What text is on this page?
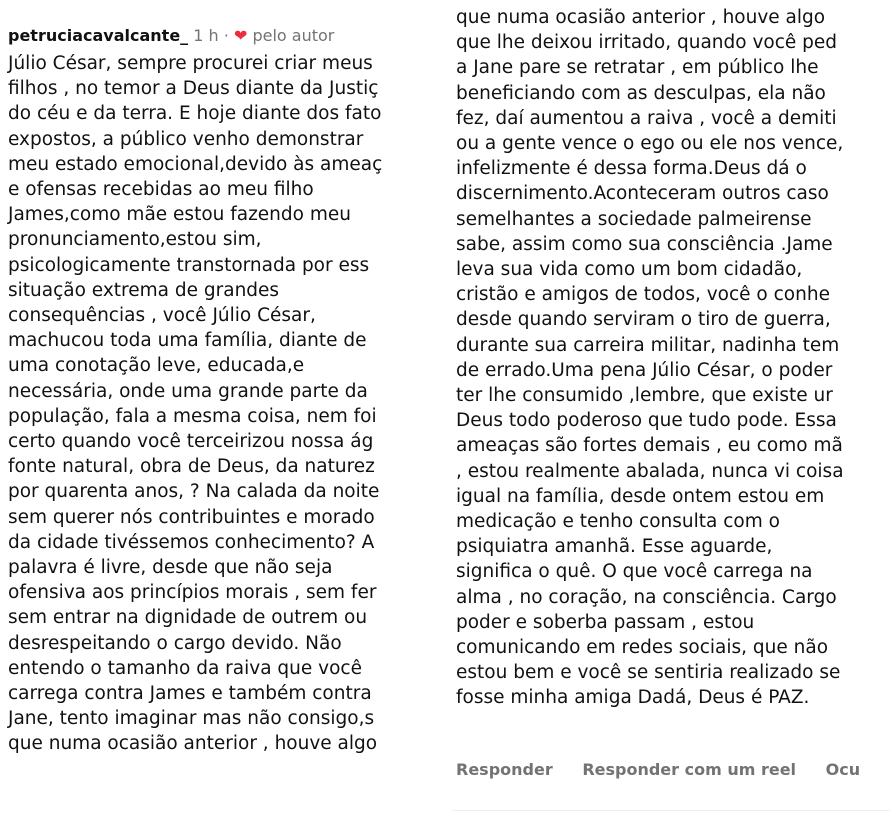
petruciacavalcante_ 1 h · ❤ pelo autor
Júlio César, sempre procurei criar meus
filhos , no temor a Deus diante da Justiç
do céu e da terra. E hoje diante dos fato
expostos, a público venho demonstrar
meu estado emocional,devido às ameaç
e ofensas recebidas ao meu filho
James,como mãe estou fazendo meu
pronunciamento,estou sim,
psicologicamente transtornada por ess
situação extrema de grandes
consequências , você Júlio César,
machucou toda uma família, diante de
uma conotação leve, educada,e
necessária, onde uma grande parte da
população, fala a mesma coisa, nem foi
certo quando você terceirizou nossa ág
fonte natural, obra de Deus, da naturez
por quarenta anos, ? Na calada da noite
sem querer nós contribuintes e morado
da cidade tivéssemos conhecimento? A
palavra é livre, desde que não seja
ofensiva aos princípios morais , sem fer
sem entrar na dignidade de outrem ou
desrespeitando o cargo devido. Não
entendo o tamanho da raiva que você
carrega contra James e também contra
Jane, tento imaginar mas não consigo,s
que numa ocasião anterior , houve algo
que numa ocasião anterior , houve algo
que lhe deixou irritado, quando você ped
a Jane pare se retratar , em público lhe
beneficiando com as desculpas, ela não
fez, daí aumentou a raiva , você a demiti
ou a gente vence o ego ou ele nos vence,
infelizmente é dessa forma.Deus dá o
discernimento.Aconteceram outros caso
semelhantes a sociedade palmeirense
sabe, assim como sua consciência .Jame
leva sua vida como um bom cidadão,
cristão e amigos de todos, você o conhe
desde quando serviram o tiro de guerra,
durante sua carreira militar, nadinha tem
de errado.Uma pena Júlio César, o poder
ter lhe consumido ,lembre, que existe ur
Deus todo poderoso que tudo pode. Essa
ameaças são fortes demais , eu como mã
, estou realmente abalada, nunca vi coisa
igual na família, desde ontem estou em
medicação e tenho consulta com o
psiquiatra amanhã. Esse aguarde,
significa o quê. O que você carrega na
alma , no coração, na consciência. Cargo
poder e soberba passam , estou
comunicando em redes sociais, que não
estou bem e você se sentiria realizado se
fosse minha amiga Dadá, Deus é PAZ.
Responder Responder com um reel Ocu
